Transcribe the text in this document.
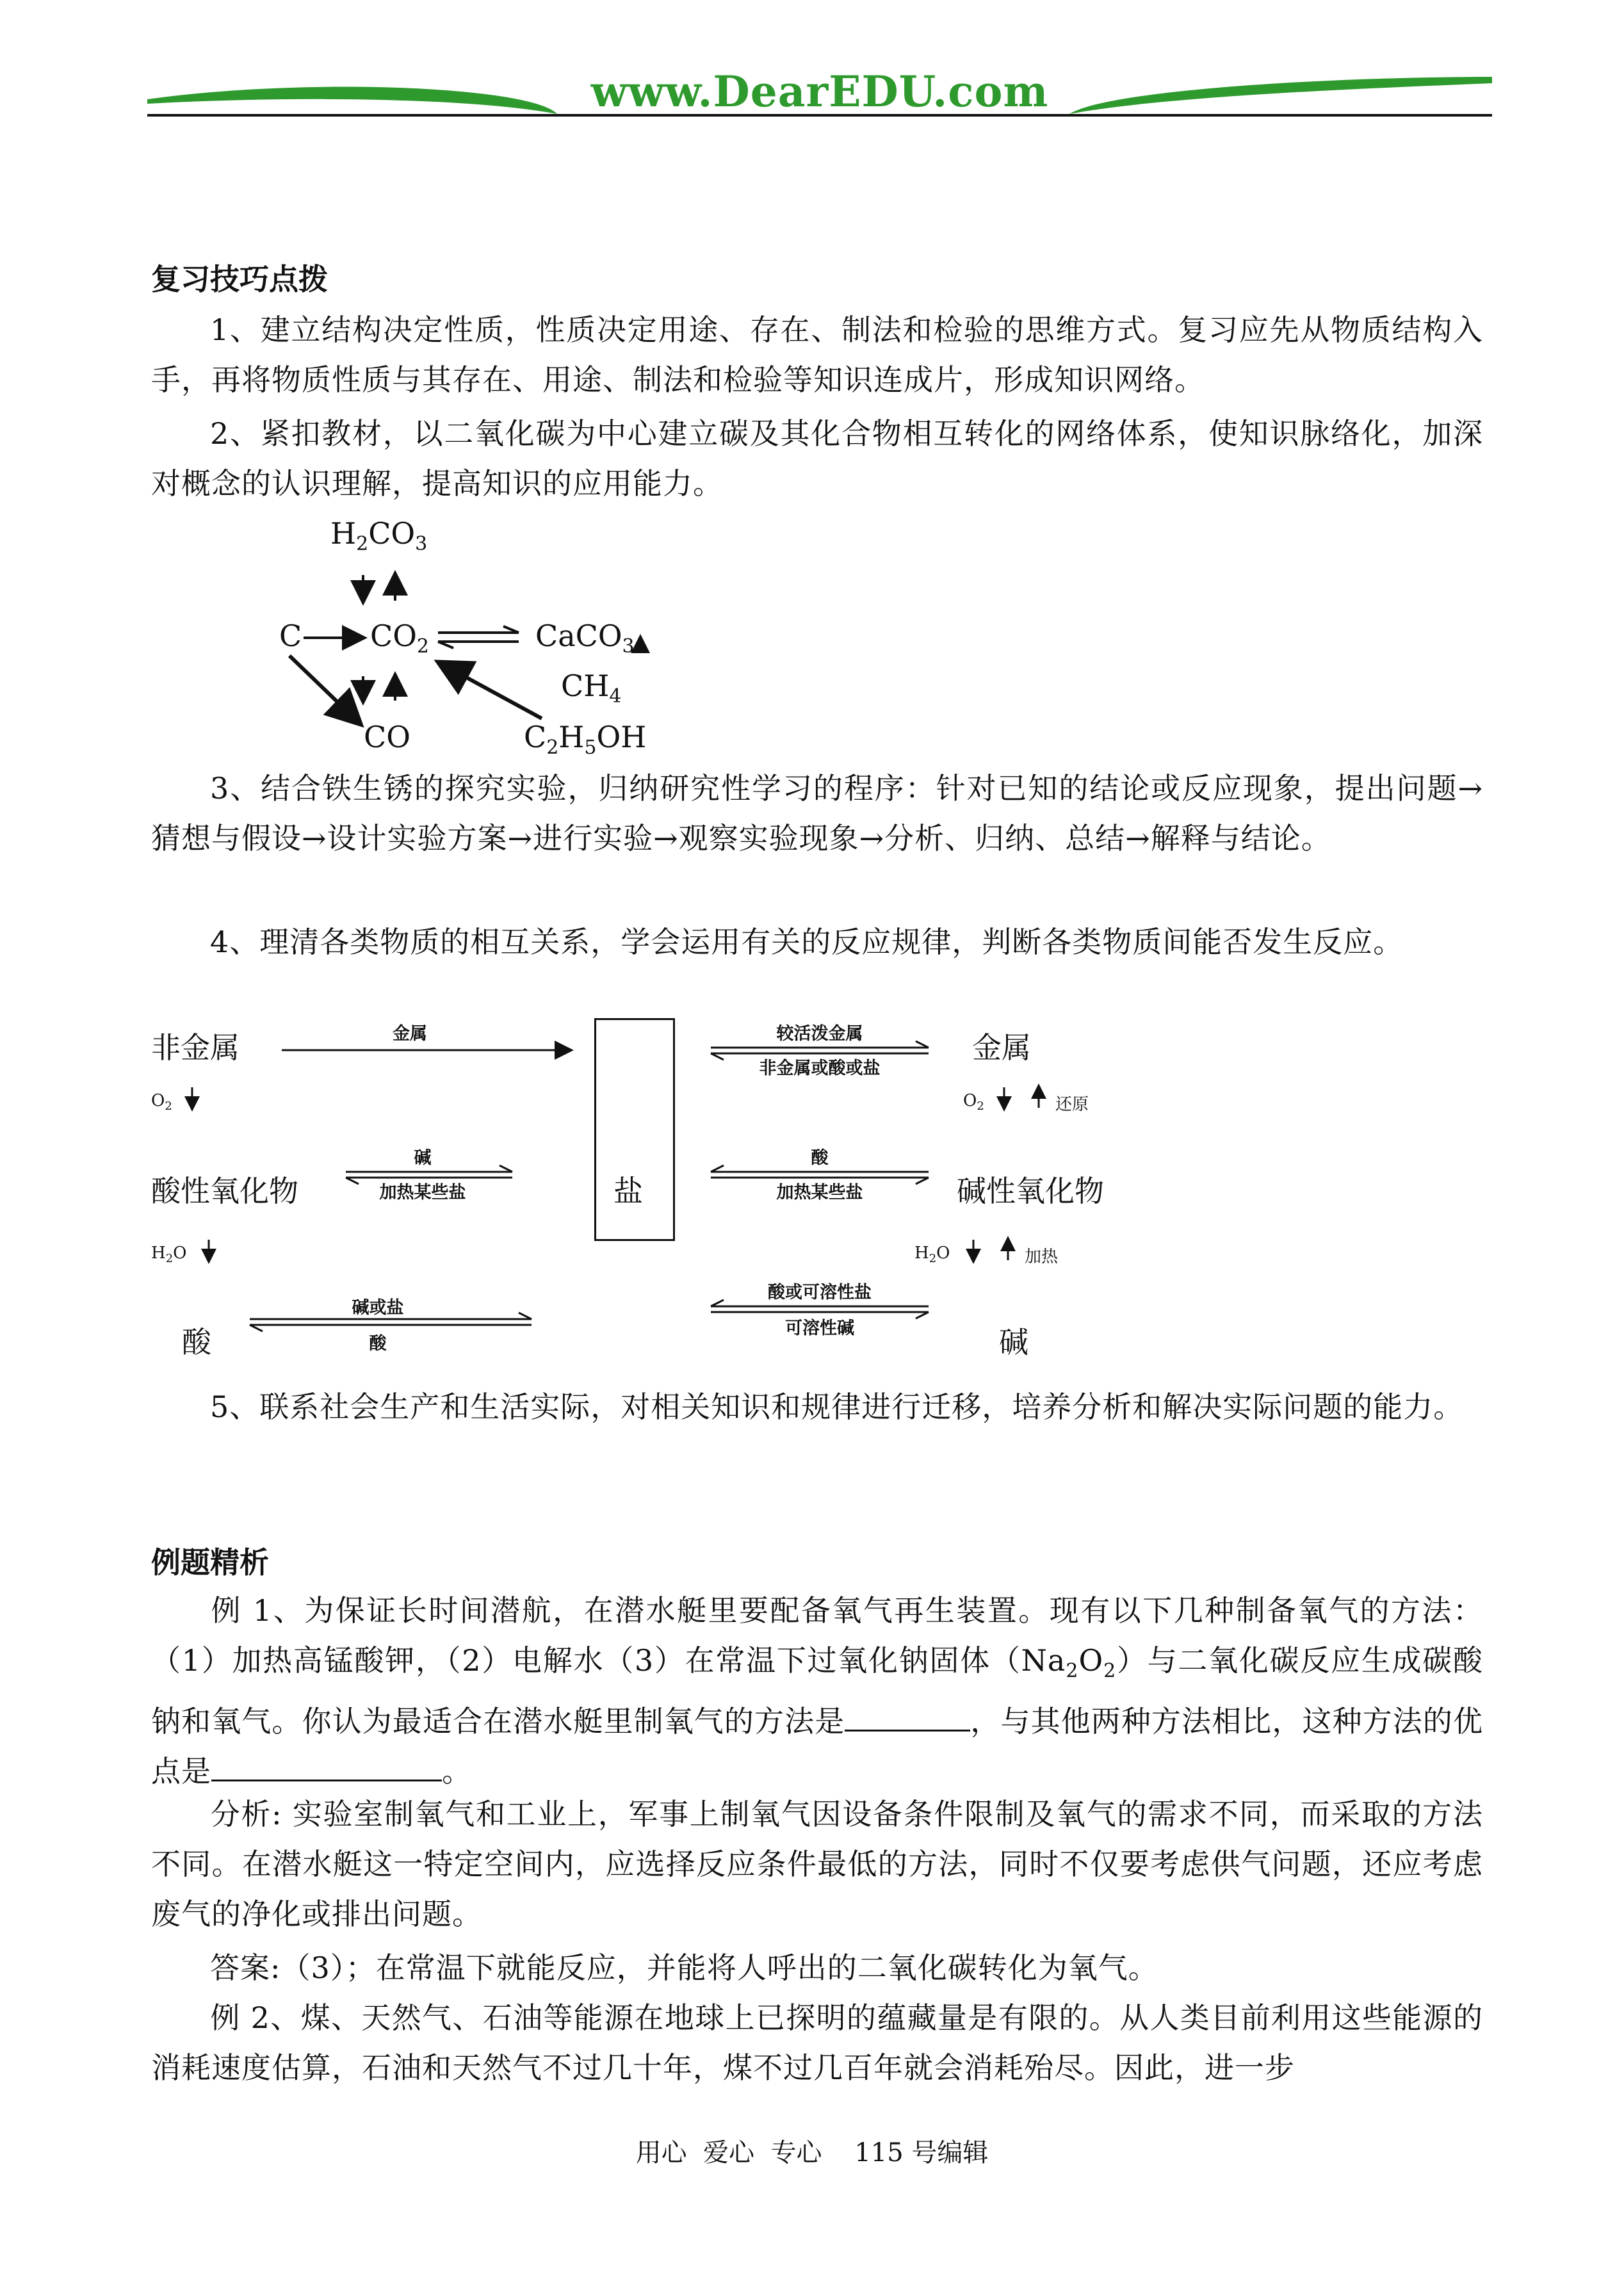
www.DearEDU.com
复习技巧点拨
1、建立结构决定性质，性质决定用途、存在、制法和检验的思维方式。复习应先从物质结构入手，再将物质性质与其存在、用途、制法和检验等知识连成片，形成知识网络。
2、紧扣教材，以二氧化碳为中心建立碳及其化合物相互转化的网络体系，使知识脉络化，加深对概念的认识理解，提高知识的应用能力。
$H_2CO_3$
C $CO_2$	CaCO$_3$
$CH_4$
CO	$C_2H_5OH$
3、结合铁生锈的探究实验，归纳研究性学习的程序：针对已知的结论或反应现象，提出问题→猜想与假设→设计实验方案→进行实验→观察实验现象→分析、归纳、总结→解释与结论。
4、理清各类物质的相互关系，学会运用有关的反应规律，判断各类物质间能否发生反应。
非金属	金属
酸性氧化物	碱性氧化物
酸	碱
盐
$O_2$	$O_2$	还原
$H_2O$	$H_2O$	加热
金属	较活泼金属
非金属或酸或盐
碱
加热某些盐
酸
加热某些盐
碱或盐
酸
酸或可溶性盐
可溶性碱
5、联系社会生产和生活实际，对相关知识和规律进行迁移，培养分析和解决实际问题的能力。
例题精析
例 1、为保证长时间潜航，在潜水艇里要配备氧气再生装置。现有以下几种制备氧气的方法：（1）加热高锰酸钾，（2）电解水（3）在常温下过氧化钠固体$(Na_2O_2)$与二氧化碳反应生成碳酸钠和氧气。你认为最适合在潜水艇里制氧气的方法是	，与其他两种方法相比，这种方法的优点是	。
分析: 实验室制氧气和工业上，军事上制氧气因设备条件限制及氧气的需求不同，而采取的方法不同。在潜水艇这一特定空间内，应选择反应条件最低的方法，同时不仅要考虑供气问题，还应考虑废气的净化或排出问题。
答案:（3）；在常温下就能反应，并能将人呼出的二氧化碳转化为氧气。
例 2、煤、天然气、石油等能源在地球上已探明的蕴藏量是有限的。从人类目前利用这些能源的消耗速度估算，石油和天然气不过几十年，煤不过几百年就会消耗殆尽。因此，进一步
用心  爱心  专心    115 号编辑
